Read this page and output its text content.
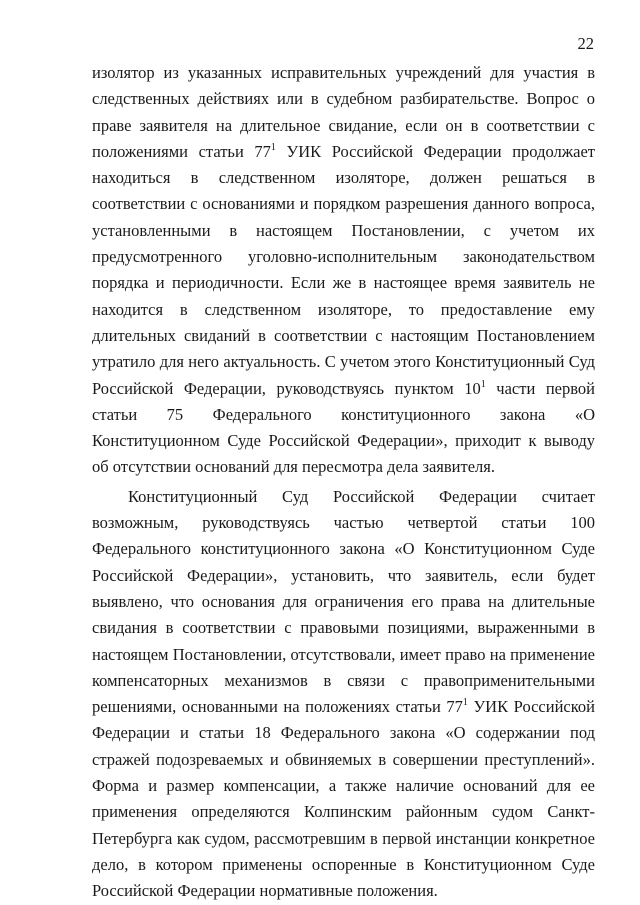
22

изолятор из указанных исправительных учреждений для участия в следственных действиях или в судебном разбирательстве. Вопрос о праве заявителя на длительное свидание, если он в соответствии с положениями статьи $77^1$ УИК Российской Федерации продолжает находиться в следственном изоляторе, должен решаться в соответствии с основаниями и порядком разрешения данного вопроса, установленными в настоящем Постановлении, с учетом их предусмотренного уголовно-исполнительным законодательством порядка и периодичности. Если же в настоящее время заявитель не находится в следственном изоляторе, то предоставление ему длительных свиданий в соответствии с настоящим Постановлением утратило для него актуальность. С учетом этого Конституционный Суд Российской Федерации, руководствуясь пунктом $10^1$ части первой статьи 75 Федерального конституционного закона «О Конституционном Суде Российской Федерации», приходит к выводу об отсутствии оснований для пересмотра дела заявителя.

Конституционный Суд Российской Федерации считает возможным, руководствуясь частью четвертой статьи 100 Федерального конституционного закона «О Конституционном Суде Российской Федерации», установить, что заявитель, если будет выявлено, что основания для ограничения его права на длительные свидания в соответствии с правовыми позициями, выраженными в настоящем Постановлении, отсутствовали, имеет право на применение компенсаторных механизмов в связи с правоприменительными решениями, основанными на положениях статьи $77^1$ УИК Российской Федерации и статьи 18 Федерального закона «О содержании под стражей подозреваемых и обвиняемых в совершении преступлений». Форма и размер компенсации, а также наличие оснований для ее применения определяются Колпинским районным судом Санкт-Петербурга как судом, рассмотревшим в первой инстанции конкретное дело, в котором применены оспоренные в Конституционном Суде Российской Федерации нормативные положения.
